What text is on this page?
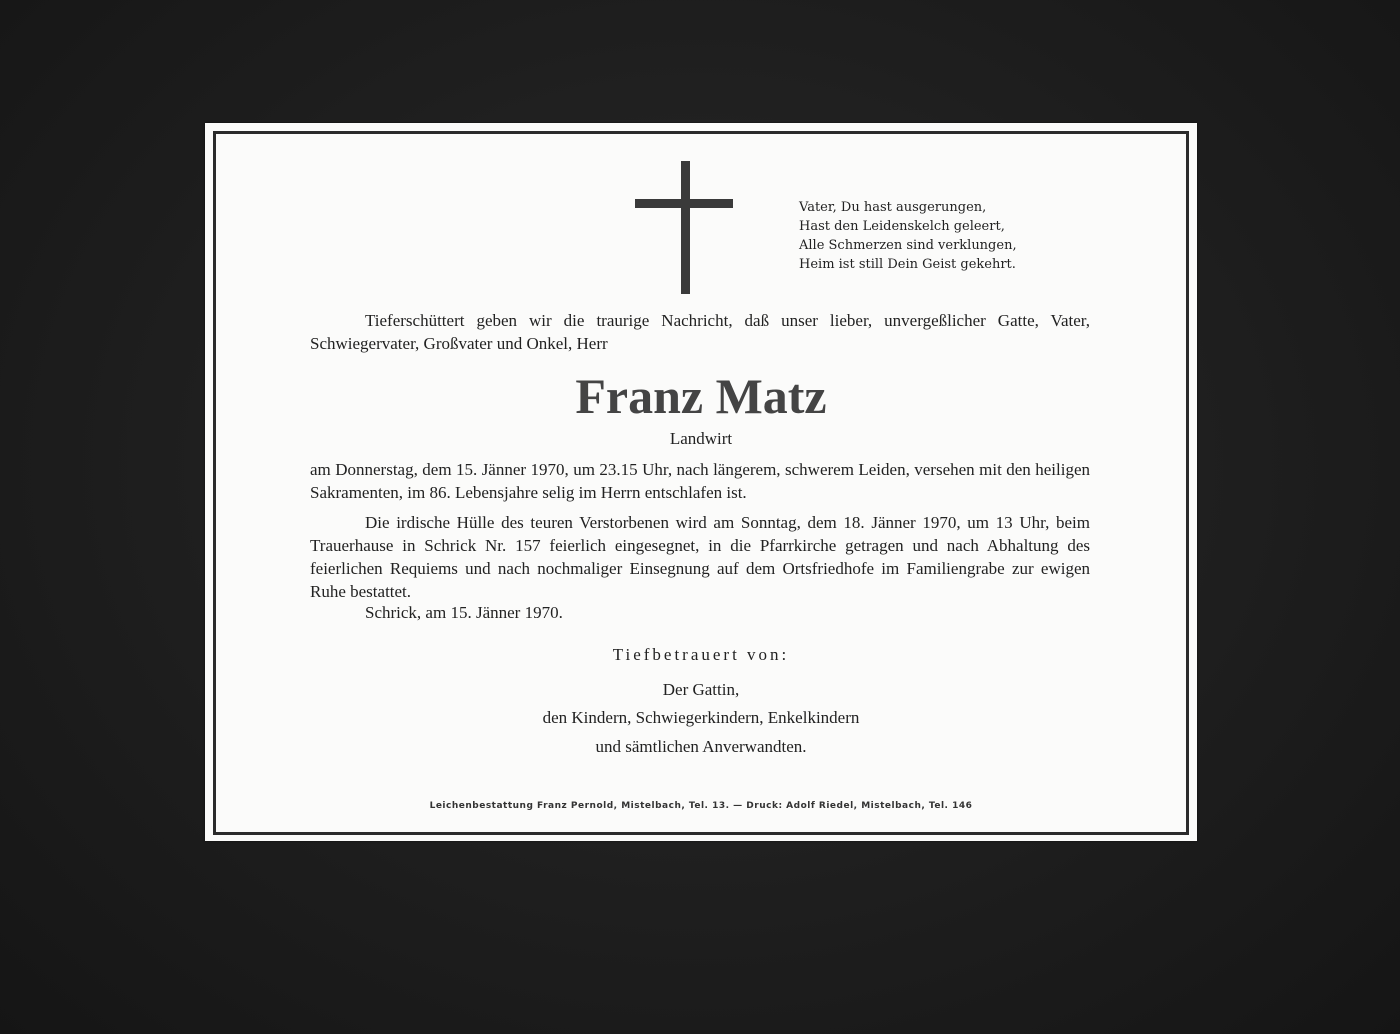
Vater, Du hast ausgerungen,
Hast den Leidenskelch geleert,
Alle Schmerzen sind verklungen,
Heim ist still Dein Geist gekehrt.
Tieferschüttert geben wir die traurige Nachricht, daß unser lieber, unvergeßlicher Gatte, Vater, Schwiegervater, Großvater und Onkel, Herr
Franz Matz
Landwirt
am Donnerstag, dem 15. Jänner 1970, um 23.15 Uhr, nach längerem, schwerem Leiden, versehen mit den heiligen Sakramenten, im 86. Lebensjahre selig im Herrn entschlafen ist.
Die irdische Hülle des teuren Verstorbenen wird am Sonntag, dem 18. Jänner 1970, um 13 Uhr, beim Trauerhause in Schrick Nr. 157 feierlich eingesegnet, in die Pfarrkirche getragen und nach Abhaltung des feierlichen Requiems und nach nochmaliger Einsegnung auf dem Ortsfriedhofe im Familiengrabe zur ewigen Ruhe bestattet.
Schrick, am 15. Jänner 1970.
Tiefbetrauert von:
Der Gattin,
den Kindern, Schwiegerkindern, Enkelkindern
und sämtlichen Anverwandten.
Leichenbestattung Franz Pernold, Mistelbach, Tel. 13. — Druck: Adolf Riedel, Mistelbach, Tel. 146
